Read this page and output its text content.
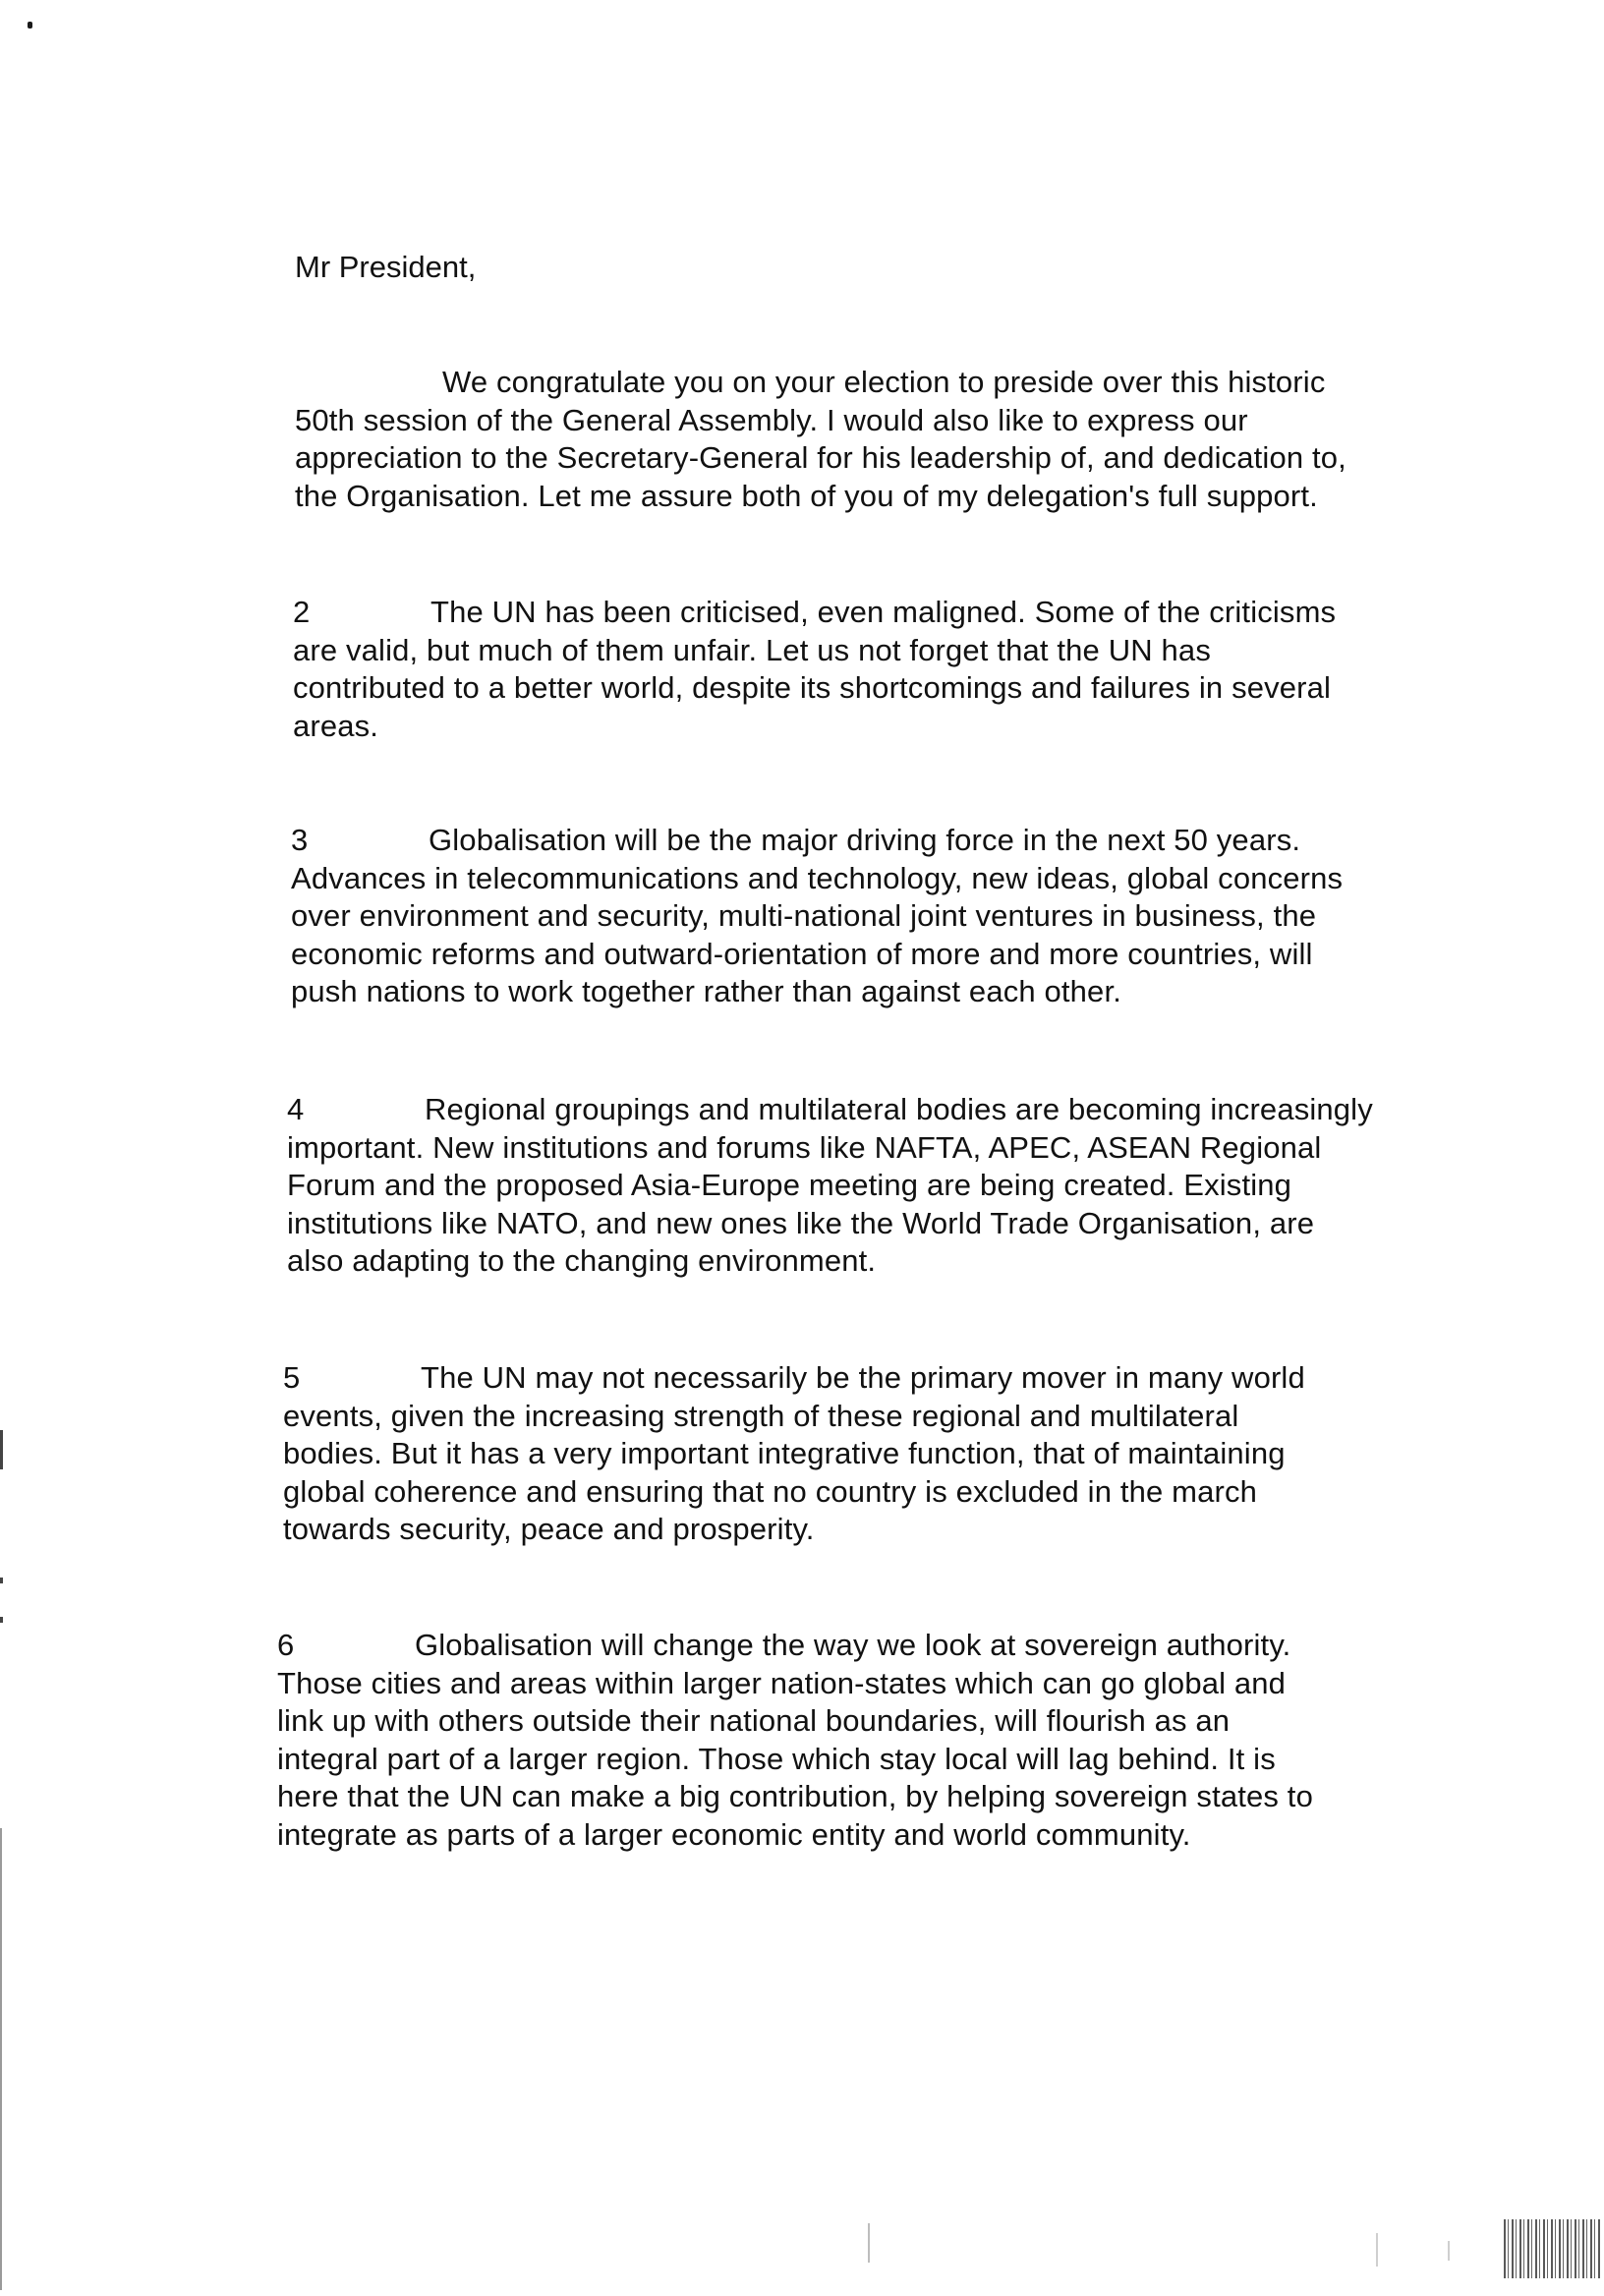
Mr President,

We congratulate you on your election to preside over this historic
50th session of the General Assembly. I would also like to express our
appreciation to the Secretary-General for his leadership of, and dedication to,
the Organisation. Let me assure both of you of my delegation's full support.
2	The UN has been criticised, even maligned. Some of the criticisms
are valid, but much of them unfair. Let us not forget that the UN has
contributed to a better world, despite its shortcomings and failures in several
areas.
3	Globalisation will be the major driving force in the next 50 years.
Advances in telecommunications and technology, new ideas, global concerns
over environment and security, multi-national joint ventures in business, the
economic reforms and outward-orientation of more and more countries, will
push nations to work together rather than against each other.
4	Regional groupings and multilateral bodies are becoming increasingly
important. New institutions and forums like NAFTA, APEC, ASEAN Regional
Forum and the proposed Asia-Europe meeting are being created. Existing
institutions like NATO, and new ones like the World Trade Organisation, are
also adapting to the changing environment.
5	The UN may not necessarily be the primary mover in many world
events, given the increasing strength of these regional and multilateral
bodies. But it has a very important integrative function, that of maintaining
global coherence and ensuring that no country is excluded in the march
towards security, peace and prosperity.
6	Globalisation will change the way we look at sovereign authority.
Those cities and areas within larger nation-states which can go global and
link up with others outside their national boundaries, will flourish as an
integral part of a larger region. Those which stay local will lag behind. It is
here that the UN can make a big contribution, by helping sovereign states to
integrate as parts of a larger economic entity and world community.
